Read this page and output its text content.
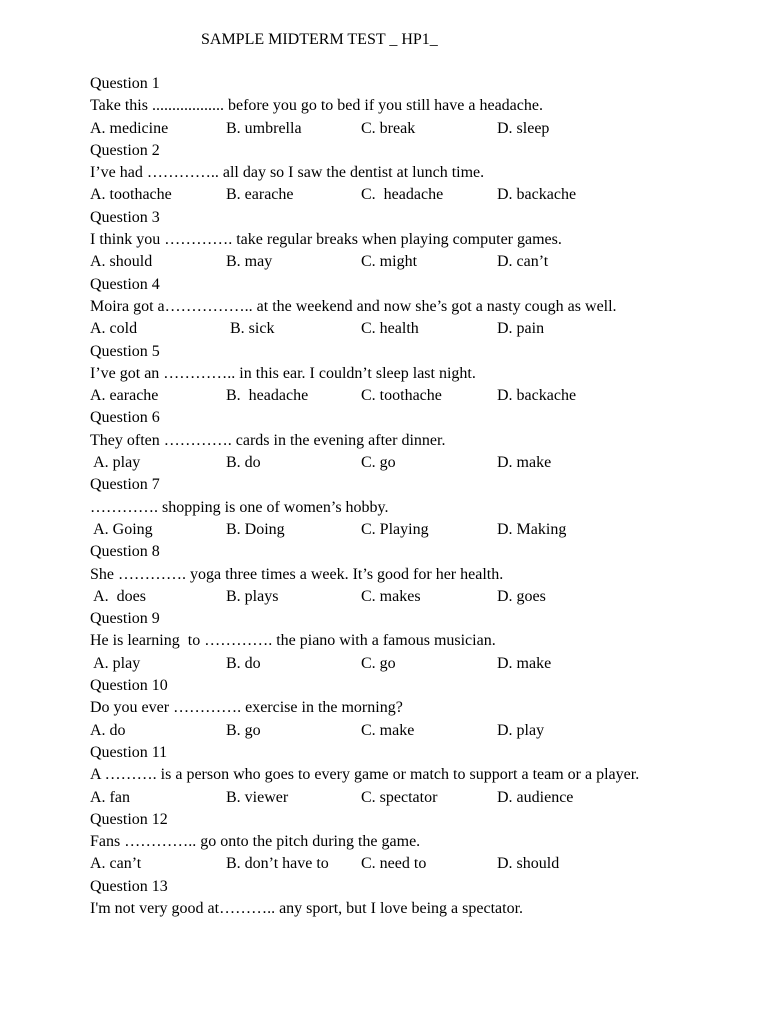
SAMPLE MIDTERM TEST _ HP1_
Question 1
Take this .................. before you go to bed if you still have a headache.
A. medicine	B. umbrella	C. break	D. sleep
Question 2
I’ve had ………….. all day so I saw the dentist at lunch time.
A. toothache	B. earache	C.  headache	D. backache
Question 3
I think you …………. take regular breaks when playing computer games.
A. should	B. may	C. might	D. can’t
Question 4
Moira got a…………….. at the weekend and now she’s got a nasty cough as well.
A. cold	B. sick	C. health	D. pain
Question 5
I’ve got an ………….. in this ear. I couldn’t sleep last night.
A. earache	B.  headache	C. toothache	D. backache
Question 6
They often …………. cards in the evening after dinner.
A. play	B. do	C. go	D. make
Question 7
…………. shopping is one of women’s hobby.
A. Going	B. Doing	C. Playing	D. Making
Question 8
She …………. yoga three times a week. It’s good for her health.
A.  does	B. plays	C. makes	D. goes
Question 9
He is learning  to …………. the piano with a famous musician.
A. play	B. do	C. go	D. make
Question 10
Do you ever …………. exercise in the morning?
A. do	B. go	C. make	D. play
Question 11
A ………. is a person who goes to every game or match to support a team or a player.
A. fan	B. viewer	C. spectator	D. audience
Question 12
Fans ………….. go onto the pitch during the game.
A. can’t	B. don’t have to C. need to	D. should
Question 13
I'm not very good at……….. any sport, but I love being a spectator.
